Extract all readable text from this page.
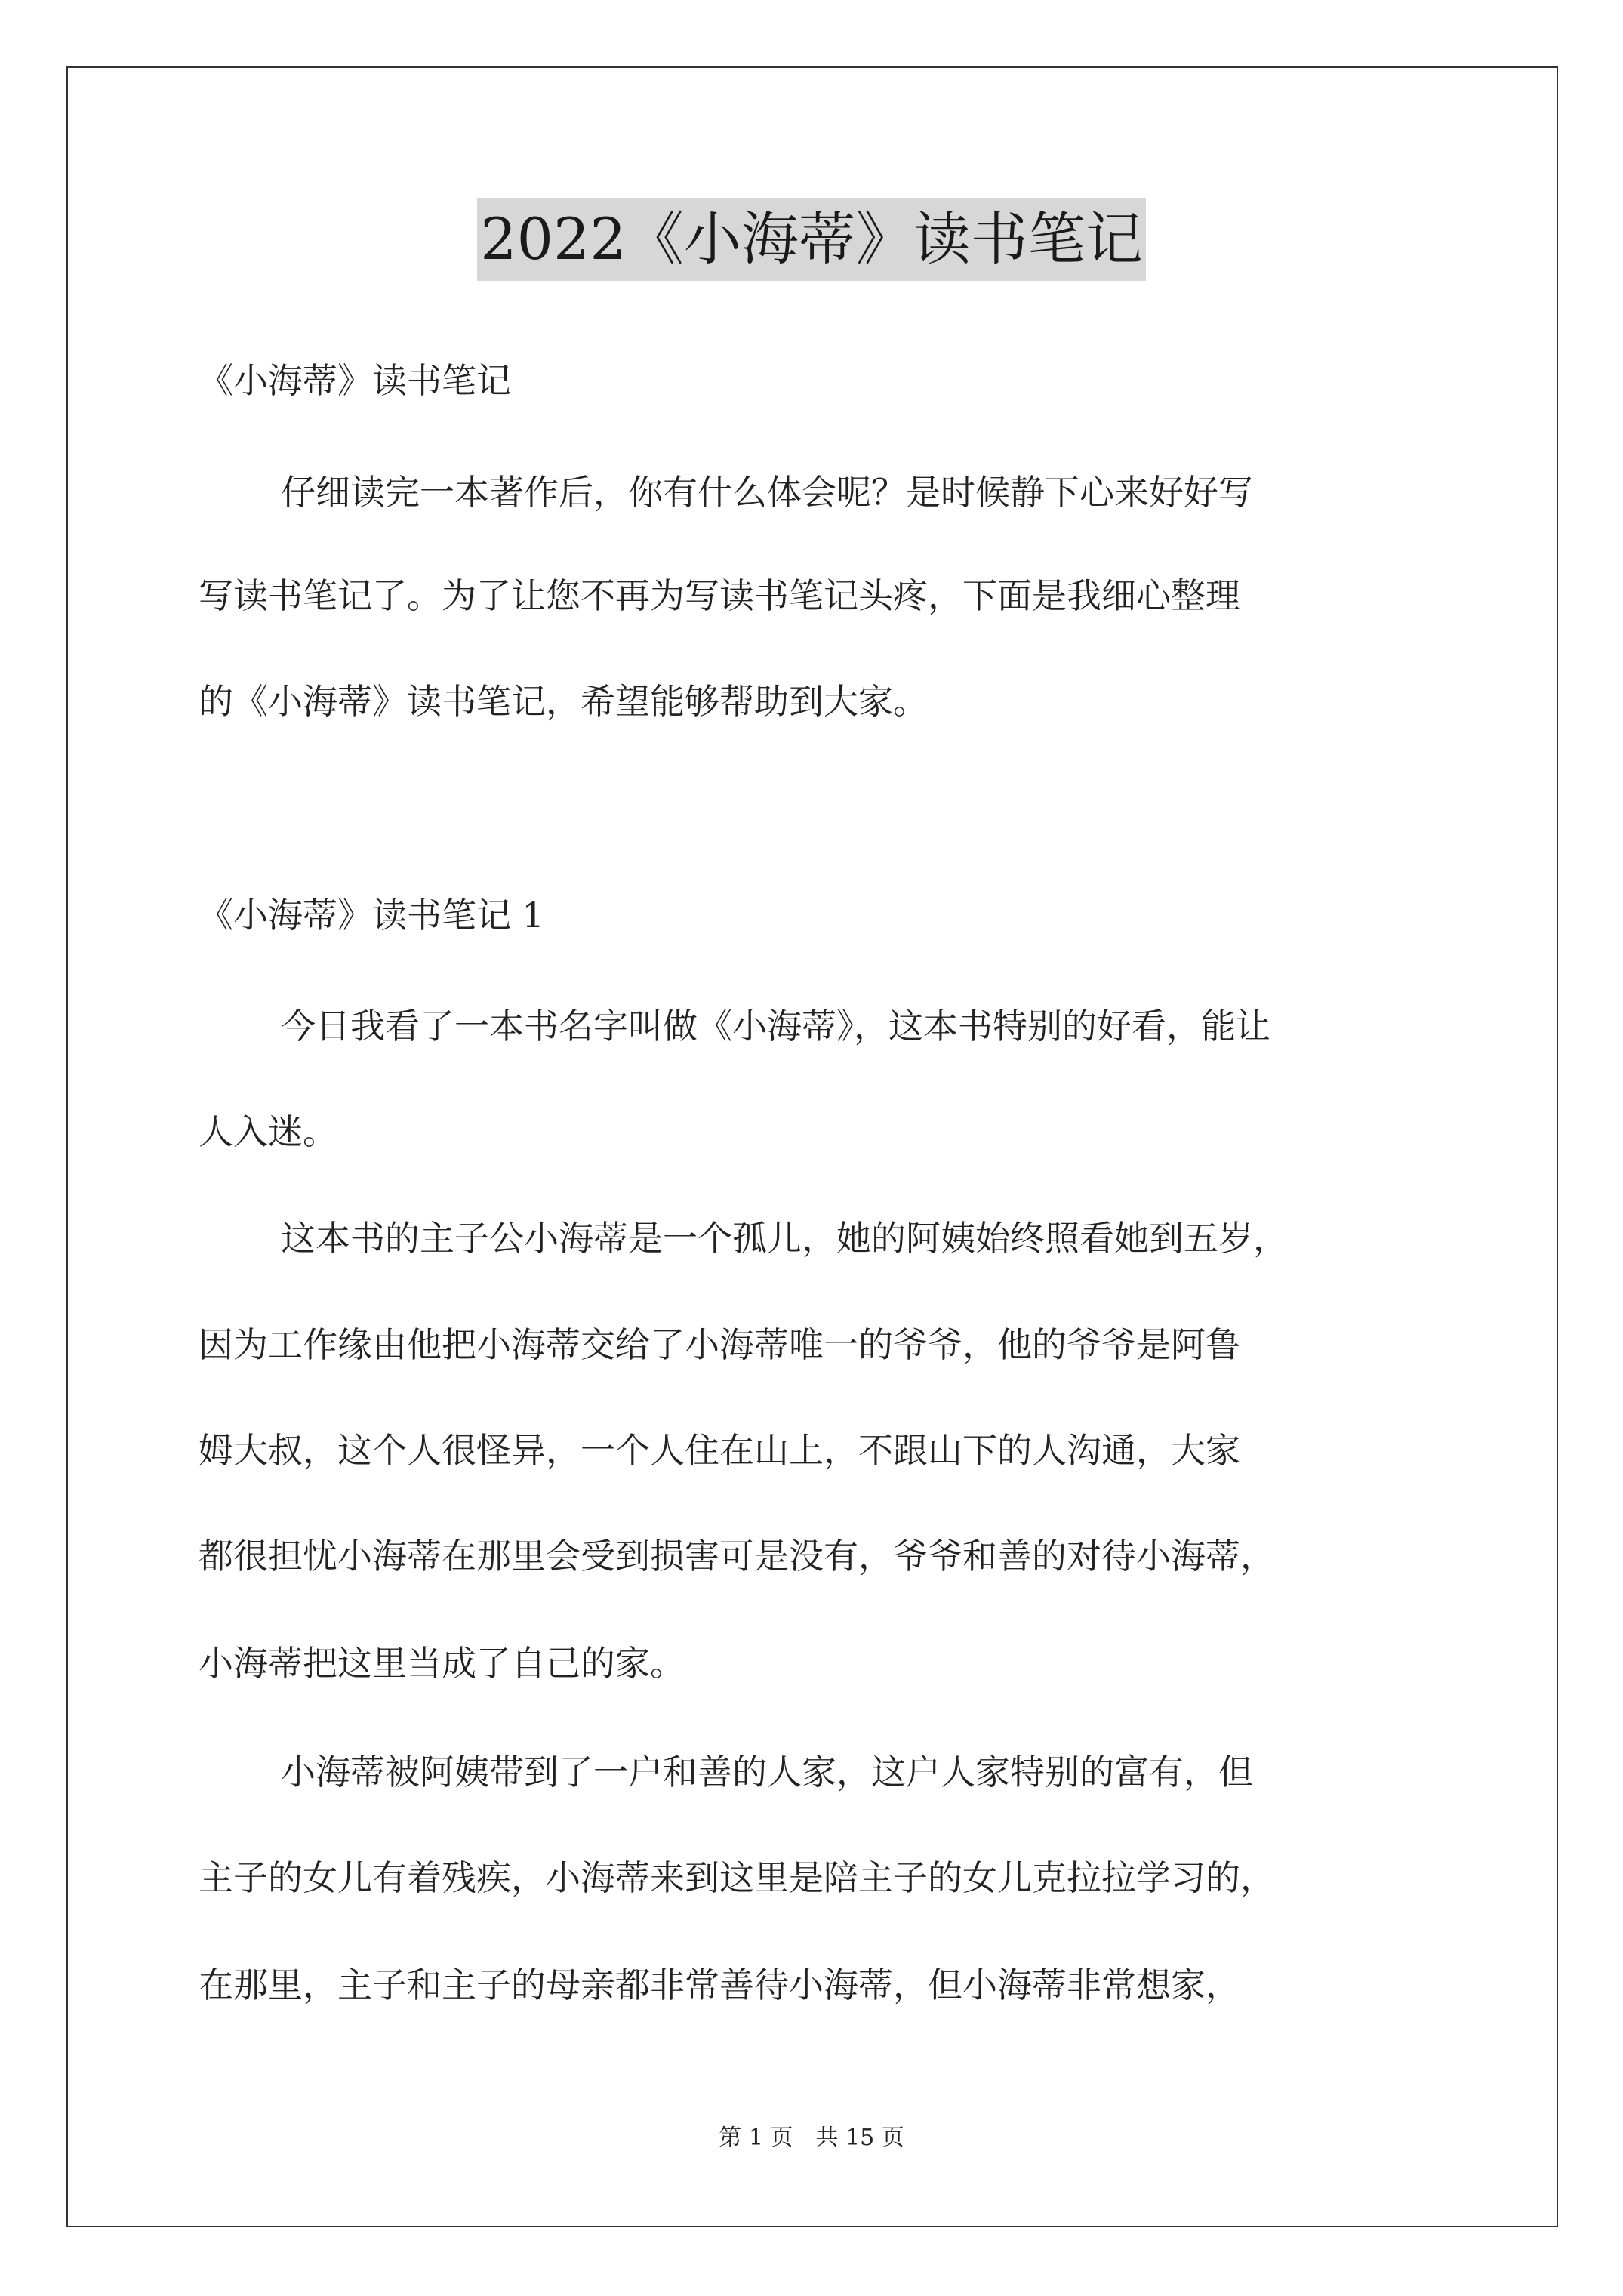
2022《小海蒂》读书笔记
《小海蒂》读书笔记
仔细读完一本著作后，你有什么体会呢？是时候静下心来好好写
写读书笔记了。为了让您不再为写读书笔记头疼，下面是我细心整理
的《小海蒂》读书笔记，希望能够帮助到大家。
《小海蒂》读书笔记 1
今日我看了一本书名字叫做《小海蒂》，这本书特别的好看，能让
人入迷。
这本书的主子公小海蒂是一个孤儿，她的阿姨始终照看她到五岁，
因为工作缘由他把小海蒂交给了小海蒂唯一的爷爷，他的爷爷是阿鲁
姆大叔，这个人很怪异，一个人住在山上，不跟山下的人沟通，大家
都很担忧小海蒂在那里会受到损害可是没有，爷爷和善的对待小海蒂，
小海蒂把这里当成了自己的家。
小海蒂被阿姨带到了一户和善的人家，这户人家特别的富有，但
主子的女儿有着残疾，小海蒂来到这里是陪主子的女儿克拉拉学习的，
在那里，主子和主子的母亲都非常善待小海蒂，但小海蒂非常想家，
第 1 页　共 15 页
